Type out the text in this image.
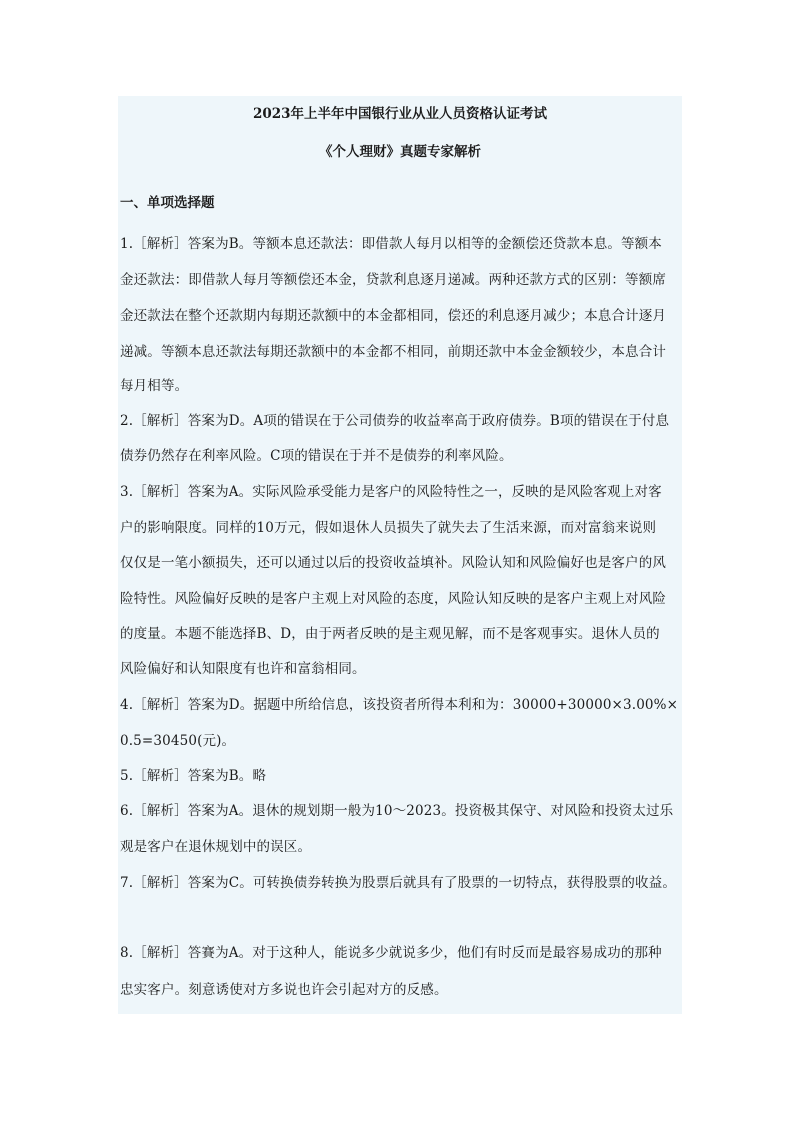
2023年上半年中国银行业从业人员资格认证考试
《个人理财》真题专家解析
一、单项选择题
1.［解析］答案为B。等额本息还款法：即借款人每月以相等的金额偿还贷款本息。等额本
金还款法：即借款人每月等额偿还本金，贷款利息逐月递减。两种还款方式的区别：等额席
金还款法在整个还款期内每期还款额中的本金都相同，偿还的利息逐月减少；本息合计逐月
递减。等额本息还款法每期还款额中的本金都不相同，前期还款中本金金额较少，本息合计
每月相等。
2.［解析］答案为D。A项的错误在于公司债券的收益率高于政府债券。B项的错误在于付息
债券仍然存在利率风险。C项的错误在于并不是债券的利率风险。
3.［解析］答案为A。实际风险承受能力是客户的风险特性之一，反映的是风险客观上对客
户的影响限度。同样的10万元，假如退休人员损失了就失去了生活来源，而对富翁来说则
仅仅是一笔小额损失，还可以通过以后的投资收益填补。风险认知和风险偏好也是客户的风
险特性。风险偏好反映的是客户主观上对风险的态度，风险认知反映的是客户主观上对风险
的度量。本题不能选择B、D，由于两者反映的是主观见解，而不是客观事实。退休人员的
风险偏好和认知限度有也许和富翁相同。
4.［解析］答案为D。据题中所给信息，该投资者所得本利和为：30000+30000×3.00%×
0.5=30450(元)。
5.［解析］答案为B。略
6.［解析］答案为A。退休的规划期一般为10～2023。投资极其保守、对风险和投资太过乐
观是客户在退休规划中的误区。
7.［解析］答案为C。可转换债券转换为股票后就具有了股票的一切特点，获得股票的收益。
8.［解析］答賽为A。对于这种人，能说多少就说多少，他们有时反而是最容易成功的那种
忠实客户。刻意诱使对方多说也许会引起对方的反感。
